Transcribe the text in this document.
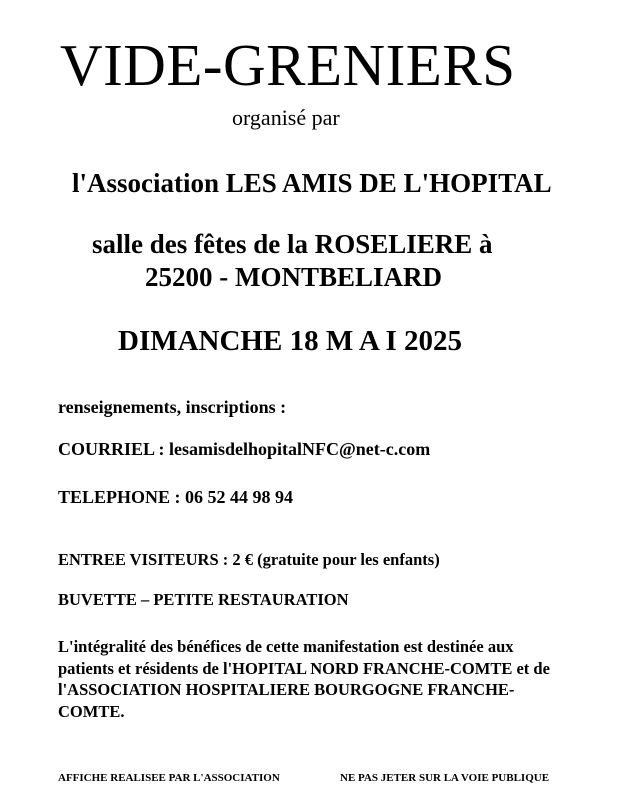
VIDE-GRENIERS

organisé par

l'Association LES AMIS DE L'HOPITAL

salle des fêtes de la ROSELIERE à

25200 - MONTBELIARD

DIMANCHE 18 M A I 2025

renseignements, inscriptions :

COURRIEL : lesamisdelhopitalNFC@net-c.com

TELEPHONE : 06 52 44 98 94

ENTREE VISITEURS : 2 € (gratuite pour les enfants)

BUVETTE – PETITE RESTAURATION

L'intégralité des bénéfices de cette manifestation est destinée aux
patients et résidents de l'HOPITAL NORD FRANCHE-COMTE et de
l'ASSOCIATION HOSPITALIERE BOURGOGNE FRANCHE-
COMTE.

AFFICHE REALISEE PAR L'ASSOCIATION	NE PAS JETER SUR LA VOIE PUBLIQUE
